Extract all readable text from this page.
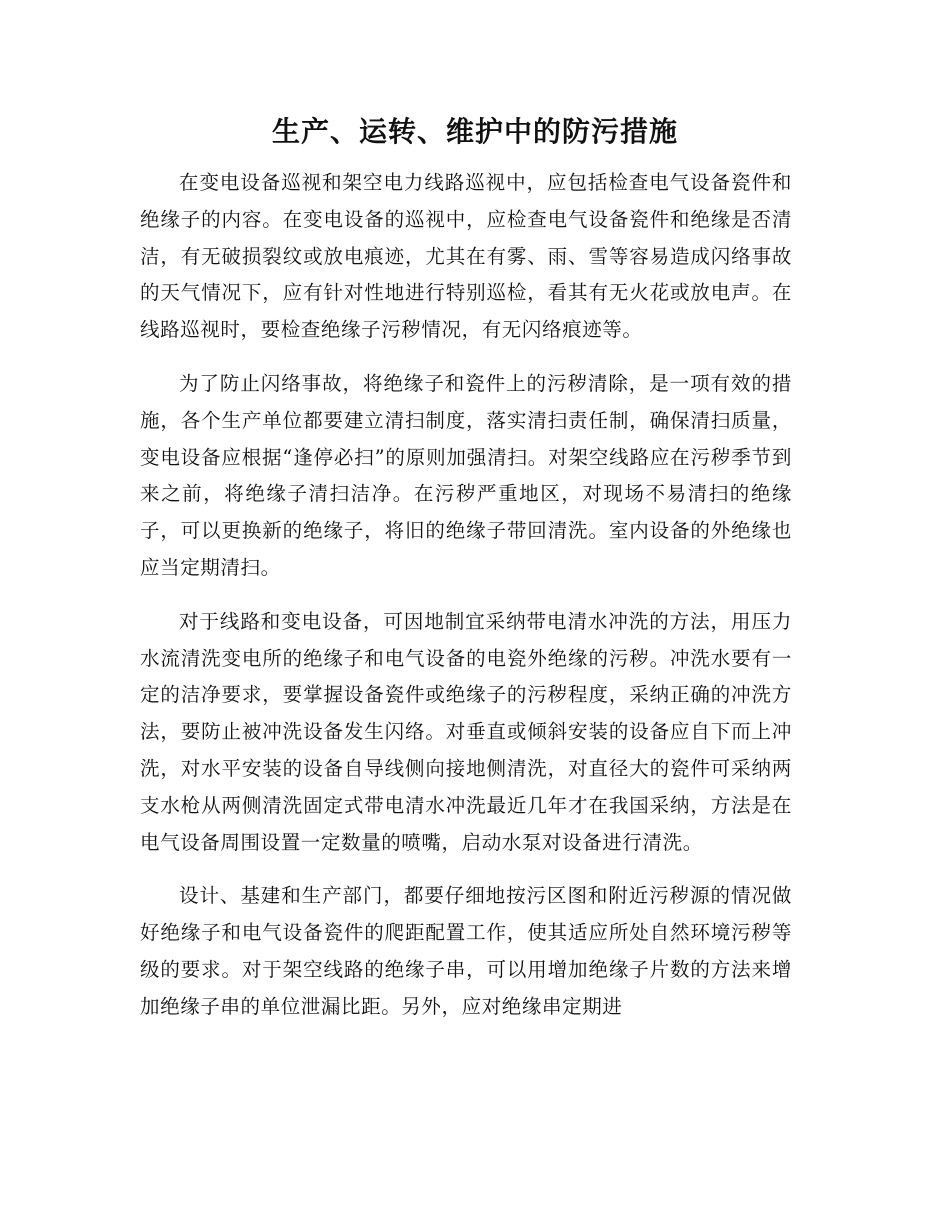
生产、运转、维护中的防污措施

在变电设备巡视和架空电力线路巡视中，应包括检查电气设备瓷件和绝缘子的内容。在变电设备的巡视中，应检查电气设备瓷件和绝缘是否清洁，有无破损裂纹或放电痕迹，尤其在有雾、雨、雪等容易造成闪络事故的天气情况下，应有针对性地进行特别巡检，看其有无火花或放电声。在线路巡视时，要检查绝缘子污秽情况，有无闪络痕迹等。

为了防止闪络事故，将绝缘子和瓷件上的污秽清除，是一项有效的措施，各个生产单位都要建立清扫制度，落实清扫责任制，确保清扫质量，变电设备应根据“逢停必扫”的原则加强清扫。对架空线路应在污秽季节到来之前，将绝缘子清扫洁净。在污秽严重地区，对现场不易清扫的绝缘子，可以更换新的绝缘子，将旧的绝缘子带回清洗。室内设备的外绝缘也应当定期清扫。

对于线路和变电设备，可因地制宜采纳带电清水冲洗的方法，用压力水流清洗变电所的绝缘子和电气设备的电瓷外绝缘的污秽。冲洗水要有一定的洁净要求，要掌握设备瓷件或绝缘子的污秽程度，采纳正确的冲洗方法，要防止被冲洗设备发生闪络。对垂直或倾斜安装的设备应自下而上冲洗，对水平安装的设备自导线侧向接地侧清洗，对直径大的瓷件可采纳两支水枪从两侧清洗固定式带电清水冲洗最近几年才在我国采纳，方法是在电气设备周围设置一定数量的喷嘴，启动水泵对设备进行清洗。

设计、基建和生产部门，都要仔细地按污区图和附近污秽源的情况做好绝缘子和电气设备瓷件的爬距配置工作，使其适应所处自然环境污秽等级的要求。对于架空线路的绝缘子串，可以用增加绝缘子片数的方法来增加绝缘子串的单位泄漏比距。另外，应对绝缘串定期进
